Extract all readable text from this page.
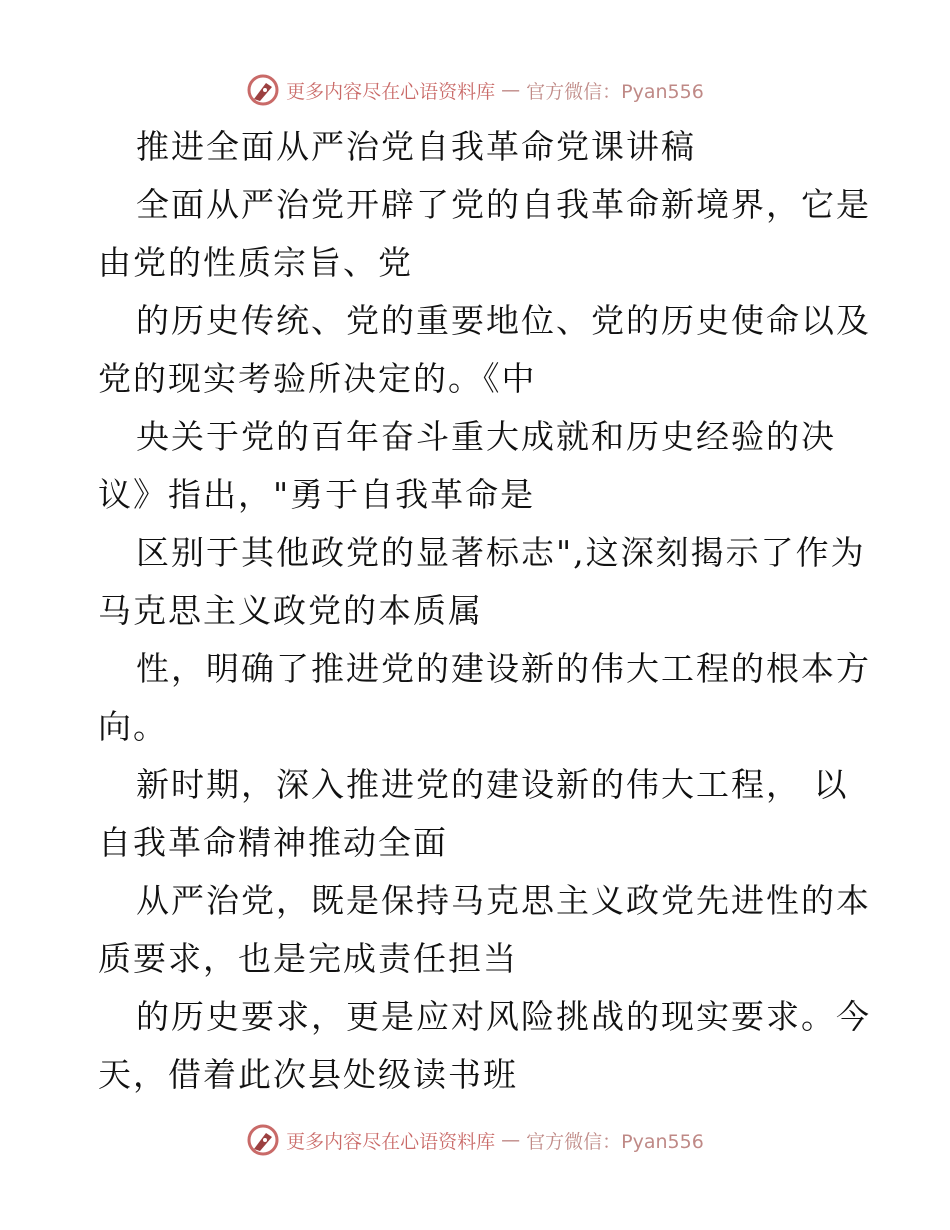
更多内容尽在心语资料库 — 官方微信：Pyan556
推进全面从严治党自我革命党课讲稿
全面从严治党开辟了党的自我革命新境界，它是
由党的性质宗旨、党
的历史传统、党的重要地位、党的历史使命以及
党的现实考验所决定的。《中
央关于党的百年奋斗重大成就和历史经验的决
议》指出，"勇于自我革命是
区别于其他政党的显著标志",这深刻揭示了作为
马克思主义政党的本质属
性，明确了推进党的建设新的伟大工程的根本方
向。
新时期，深入推进党的建设新的伟大工程， 以
自我革命精神推动全面
从严治党，既是保持马克思主义政党先进性的本
质要求，也是完成责任担当
的历史要求，更是应对风险挑战的现实要求。今
天，借着此次县处级读书班
更多内容尽在心语资料库 — 官方微信：Pyan556
